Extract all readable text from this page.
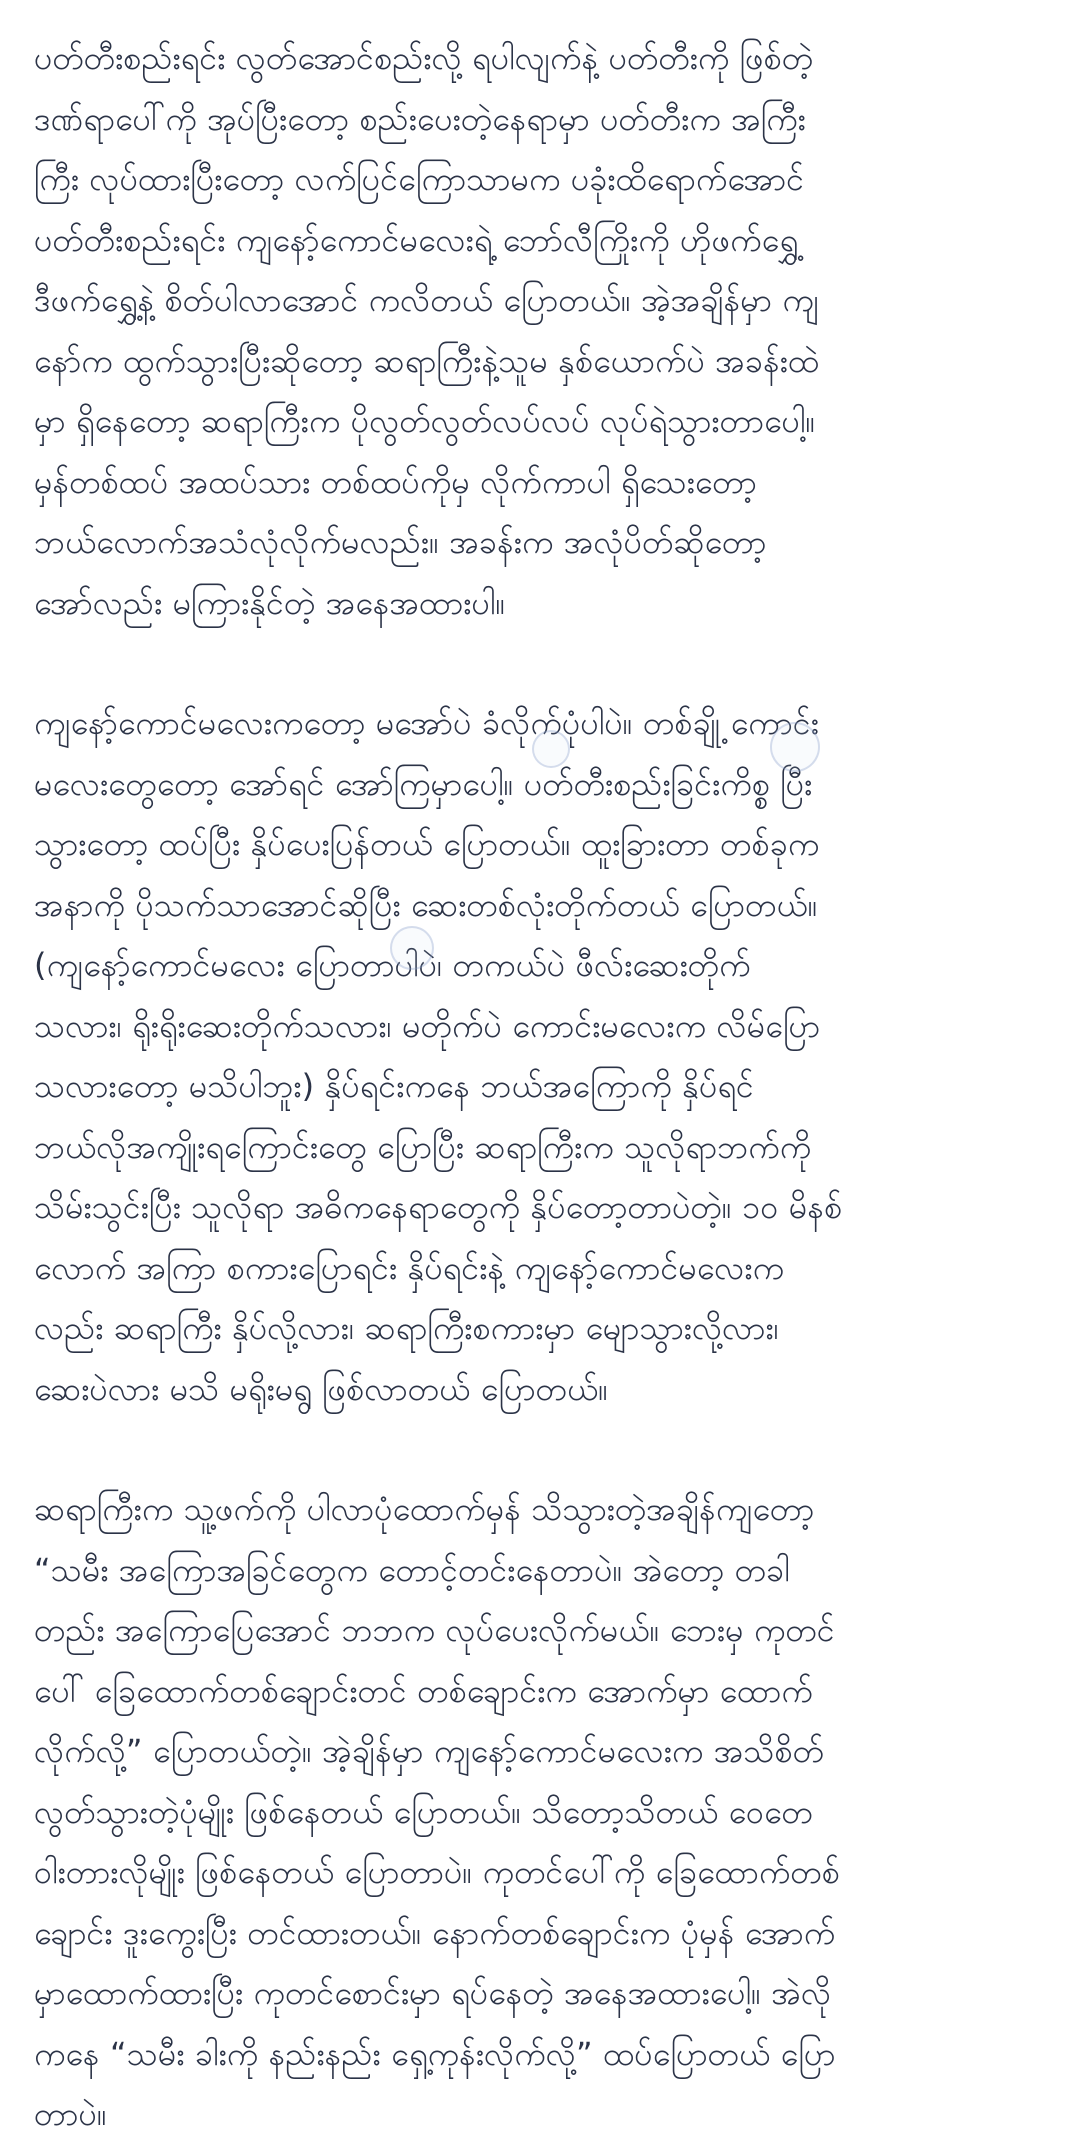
ပတ်တီးစည်းရင်း လွတ်အောင်စည်းလို့ ရပါလျက်နဲ့ ပတ်တီးကို ဖြစ်တဲ့
ဒဏ်ရာပေါ်ကို အုပ်ပြီးတော့ စည်းပေးတဲ့နေရာမှာ ပတ်တီးက အကြီး
ကြီး လုပ်ထားပြီးတော့ လက်ပြင်ကြောသာမက ပခုံးထိရောက်အောင်
ပတ်တီးစည်းရင်း ကျနော့်ကောင်မလေးရဲ့ ဘော်လီကြိုးကို ဟိုဖက်ရွှေ့
ဒီဖက်ရွှေ့နဲ့ စိတ်ပါလာအောင် ကလိတယ် ပြောတယ်။ အဲ့အချိန်မှာ ကျ
နော်က ထွက်သွားပြီးဆိုတော့ ဆရာကြီးနဲ့သူမ နှစ်ယောက်ပဲ အခန်းထဲ
မှာ ရှိနေတော့ ဆရာကြီးက ပိုလွတ်လွတ်လပ်လပ် လုပ်ရဲသွားတာပေါ့။
မှန်တစ်ထပ် အထပ်သား တစ်ထပ်ကိုမှ လိုက်ကာပါ ရှိသေးတော့
ဘယ်လောက်အသံလုံလိုက်မလည်း။ အခန်းက အလုံပိတ်ဆိုတော့
အော်လည်း မကြားနိုင်တဲ့ အနေအထားပါ။

ကျနော့်ကောင်မလေးကတော့ မအော်ပဲ ခံလိုက်ပုံပါပဲ။ တစ်ချို့ ကောင်း
မလေးတွေတော့ အော်ရင် အော်ကြမှာပေါ့။ ပတ်တီးစည်းခြင်းကိစ္စ ပြီး
သွားတော့ ထပ်ပြီး နှိပ်ပေးပြန်တယ် ပြောတယ်။ ထူးခြားတာ တစ်ခုက
အနာကို ပိုသက်သာအောင်ဆိုပြီး ဆေးတစ်လုံးတိုက်တယ် ပြောတယ်။
(ကျနော့်ကောင်မလေး ပြောတာပါပဲ၊ တကယ်ပဲ ဖီလ်းဆေးတိုက်
သလား၊ ရိုးရိုးဆေးတိုက်သလား၊ မတိုက်ပဲ ကောင်းမလေးက လိမ်ပြော
သလားတော့ မသိပါဘူး) နှိပ်ရင်းကနေ ဘယ်အကြောကို နှိပ်ရင်
ဘယ်လိုအကျိုးရကြောင်းတွေ ပြောပြီး ဆရာကြီးက သူလိုရာဘက်ကို
သိမ်းသွင်းပြီး သူလိုရာ အဓိကနေရာတွေကို နှိပ်တော့တာပဲတဲ့။ ၁၀ မိနစ်
လောက် အကြာ စကားပြောရင်း နှိပ်ရင်းနဲ့ ကျနော့်ကောင်မလေးက
လည်း ဆရာကြီး နှိပ်လို့လား၊ ဆရာကြီးစကားမှာ မျောသွားလို့လား၊
ဆေးပဲလား မသိ မရိုးမရွ ဖြစ်လာတယ် ပြောတယ်။

ဆရာကြီးက သူ့ဖက်ကို ပါလာပုံထောက်မှန် သိသွားတဲ့အချိန်ကျတော့
“သမီး အကြောအခြင်တွေက တောင့်တင်းနေတာပဲ။ အဲတော့ တခါ
တည်း အကြောပြေအောင် ဘဘက လုပ်ပေးလိုက်မယ်။ ဘေးမှ ကုတင်
ပေါ် ခြေထောက်တစ်ချောင်းတင် တစ်ချောင်းက အောက်မှာ ထောက်
လိုက်လို့” ပြောတယ်တဲ့။ အဲ့ချိန်မှာ ကျနော့်ကောင်မလေးက အသိစိတ်
လွတ်သွားတဲ့ပုံမျိုး ဖြစ်နေတယ် ပြောတယ်။ သိတော့သိတယ် ဝေတေ
ဝါးတားလိုမျိုး ဖြစ်နေတယ် ပြောတာပဲ။ ကုတင်ပေါ်ကို ခြေထောက်တစ်
ချောင်း ဒူးကွေးပြီး တင်ထားတယ်။ နောက်တစ်ချောင်းက ပုံမှန် အောက်
မှာထောက်ထားပြီး ကုတင်စောင်းမှာ ရပ်နေတဲ့ အနေအထားပေါ့။ အဲလို
ကနေ “သမီး ခါးကို နည်းနည်း ရှေ့ကုန်းလိုက်လို့” ထပ်ပြောတယ် ပြော
တာပဲ။
